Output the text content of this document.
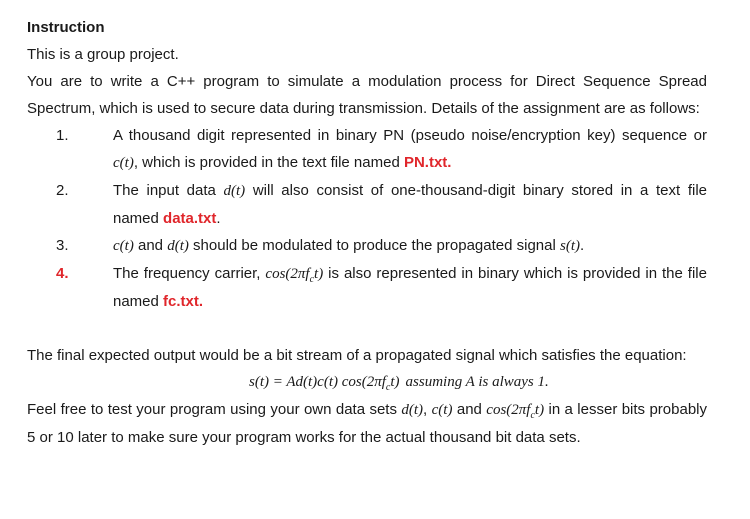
Instruction

This is a group project.

You are to write a C++ program to simulate a modulation process for Direct Sequence Spread Spectrum, which is used to secure data during transmission. Details of the assignment are as follows:

1.	A thousand digit represented in binary PN (pseudo noise/encryption key) sequence or c(t), which is provided in the text file named PN.txt.
2.	The input data d(t) will also consist of one-thousand-digit binary stored in a text file named data.txt.
3.	c(t) and d(t) should be modulated to produce the propagated signal s(t).
4.	The frequency carrier, $\cos(2\pi f_ct)$ is also represented in binary which is provided in the file named fc.txt.

The final expected output would be a bit stream of a propagated signal which satisfies the equation:

s(t) = Ad(t)c(t) $\cos(2\pi f_ct)$ assuming A is always 1.

Feel free to test your program using your own data sets d(t), c(t) and $\cos(2\pi f_ct)$ in a lesser bits probably 5 or 10 later to make sure your program works for the actual thousand bit data sets.
